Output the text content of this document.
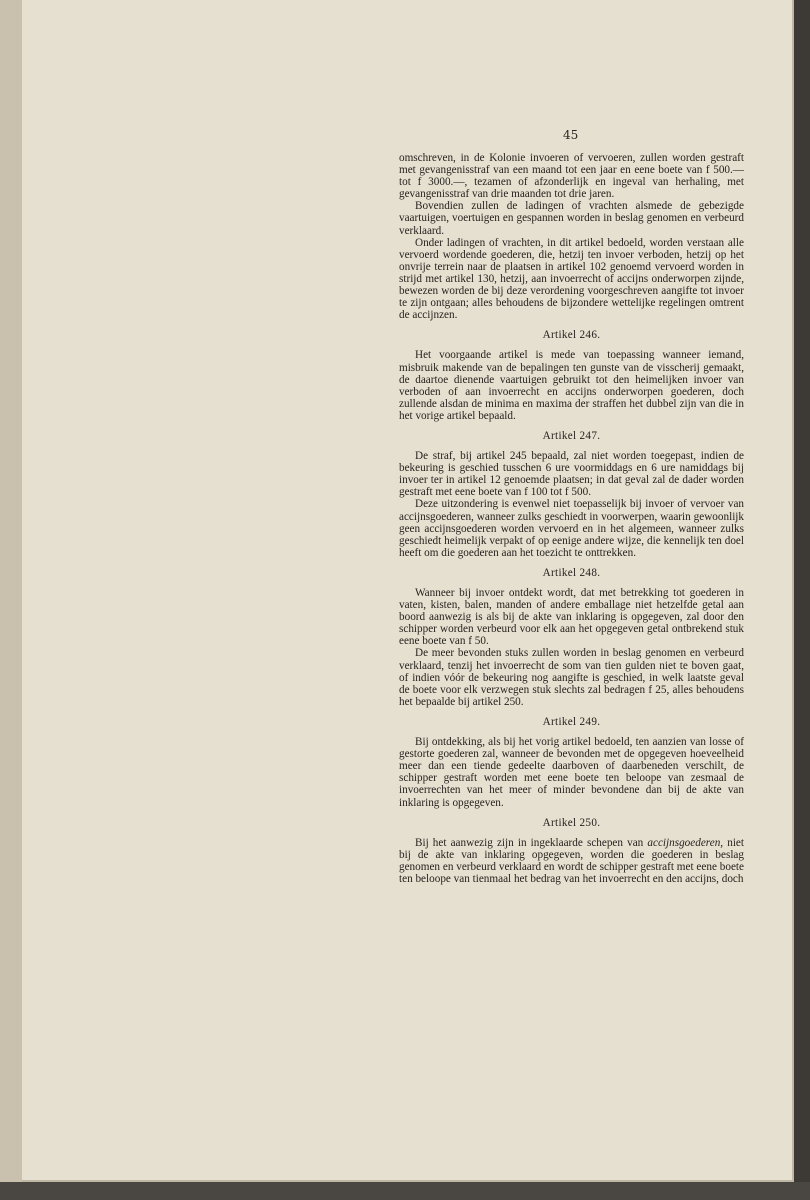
45

omschreven, in de Kolonie invoeren of vervoeren, zullen worden gestraft met gevangenisstraf van een maand tot een jaar en eene boete van f 500.— tot f 3000.—, tezamen of afzonderlijk en ingeval van herhaling, met gevangenisstraf van drie maanden tot drie jaren.

Bovendien zullen de ladingen of vrachten alsmede de gebezigde vaartuigen, voertuigen en gespannen worden in beslag genomen en verbeurd verklaard.

Onder ladingen of vrachten, in dit artikel bedoeld, worden verstaan alle vervoerd wordende goederen, die, hetzij ten invoer verboden, hetzij op het onvrije terrein naar de plaatsen in artikel 102 genoemd vervoerd worden in strijd met artikel 130, hetzij, aan invoerrecht of accijns onderworpen zijnde, bewezen worden de bij deze verordening voorgeschreven aangifte tot invoer te zijn ontgaan; alles behoudens de bijzondere wettelijke regelingen omtrent de accijnzen.

Artikel 246.

Het voorgaande artikel is mede van toepassing wanneer iemand, misbruik makende van de bepalingen ten gunste van de visscherij gemaakt, de daartoe dienende vaartuigen gebruikt tot den heimelijken invoer van verboden of aan invoerrecht en accijns onderworpen goederen, doch zullende alsdan de minima en maxima der straffen het dubbel zijn van die in het vorige artikel bepaald.

Artikel 247.

De straf, bij artikel 245 bepaald, zal niet worden toegepast, indien de bekeuring is geschied tusschen 6 ure voormiddags en 6 ure namiddags bij invoer ter in artikel 12 genoemde plaatsen; in dat geval zal de dader worden gestraft met eene boete van f 100 tot f 500.

Deze uitzondering is evenwel niet toepasselijk bij invoer of vervoer van accijnsgoederen, wanneer zulks geschiedt in voorwerpen, waarin gewoonlijk geen accijnsgoederen worden vervoerd en in het algemeen, wanneer zulks geschiedt heimelijk verpakt of op eenige andere wijze, die kennelijk ten doel heeft om die goederen aan het toezicht te onttrekken.

Artikel 248.

Wanneer bij invoer ontdekt wordt, dat met betrekking tot goederen in vaten, kisten, balen, manden of andere emballage niet hetzelfde getal aan boord aanwezig is als bij de akte van inklaring is opgegeven, zal door den schipper worden verbeurd voor elk aan het opgegeven getal ontbrekend stuk eene boete van f 50.

De meer bevonden stuks zullen worden in beslag genomen en verbeurd verklaard, tenzij het invoerrecht de som van tien gulden niet te boven gaat, of indien vóór de bekeuring nog aangifte is geschied, in welk laatste geval de boete voor elk verzwegen stuk slechts zal bedragen f 25, alles behoudens het bepaalde bij artikel 250.

Artikel 249.

Bij ontdekking, als bij het vorig artikel bedoeld, ten aanzien van losse of gestorte goederen zal, wanneer de bevonden met de opgegeven hoeveelheid meer dan een tiende gedeelte daarboven of daarbeneden verschilt, de schipper gestraft worden met eene boete ten beloope van zesmaal de invoerrechten van het meer of minder bevondene dan bij de akte van inklaring is opgegeven.

Artikel 250.

Bij het aanwezig zijn in ingeklaarde schepen van accijnsgoederen, niet bij de akte van inklaring opgegeven, worden die goederen in beslag genomen en verbeurd verklaard en wordt de schipper gestraft met eene boete ten beloope van tienmaal het bedrag van het invoerrecht en den accijns, doch
